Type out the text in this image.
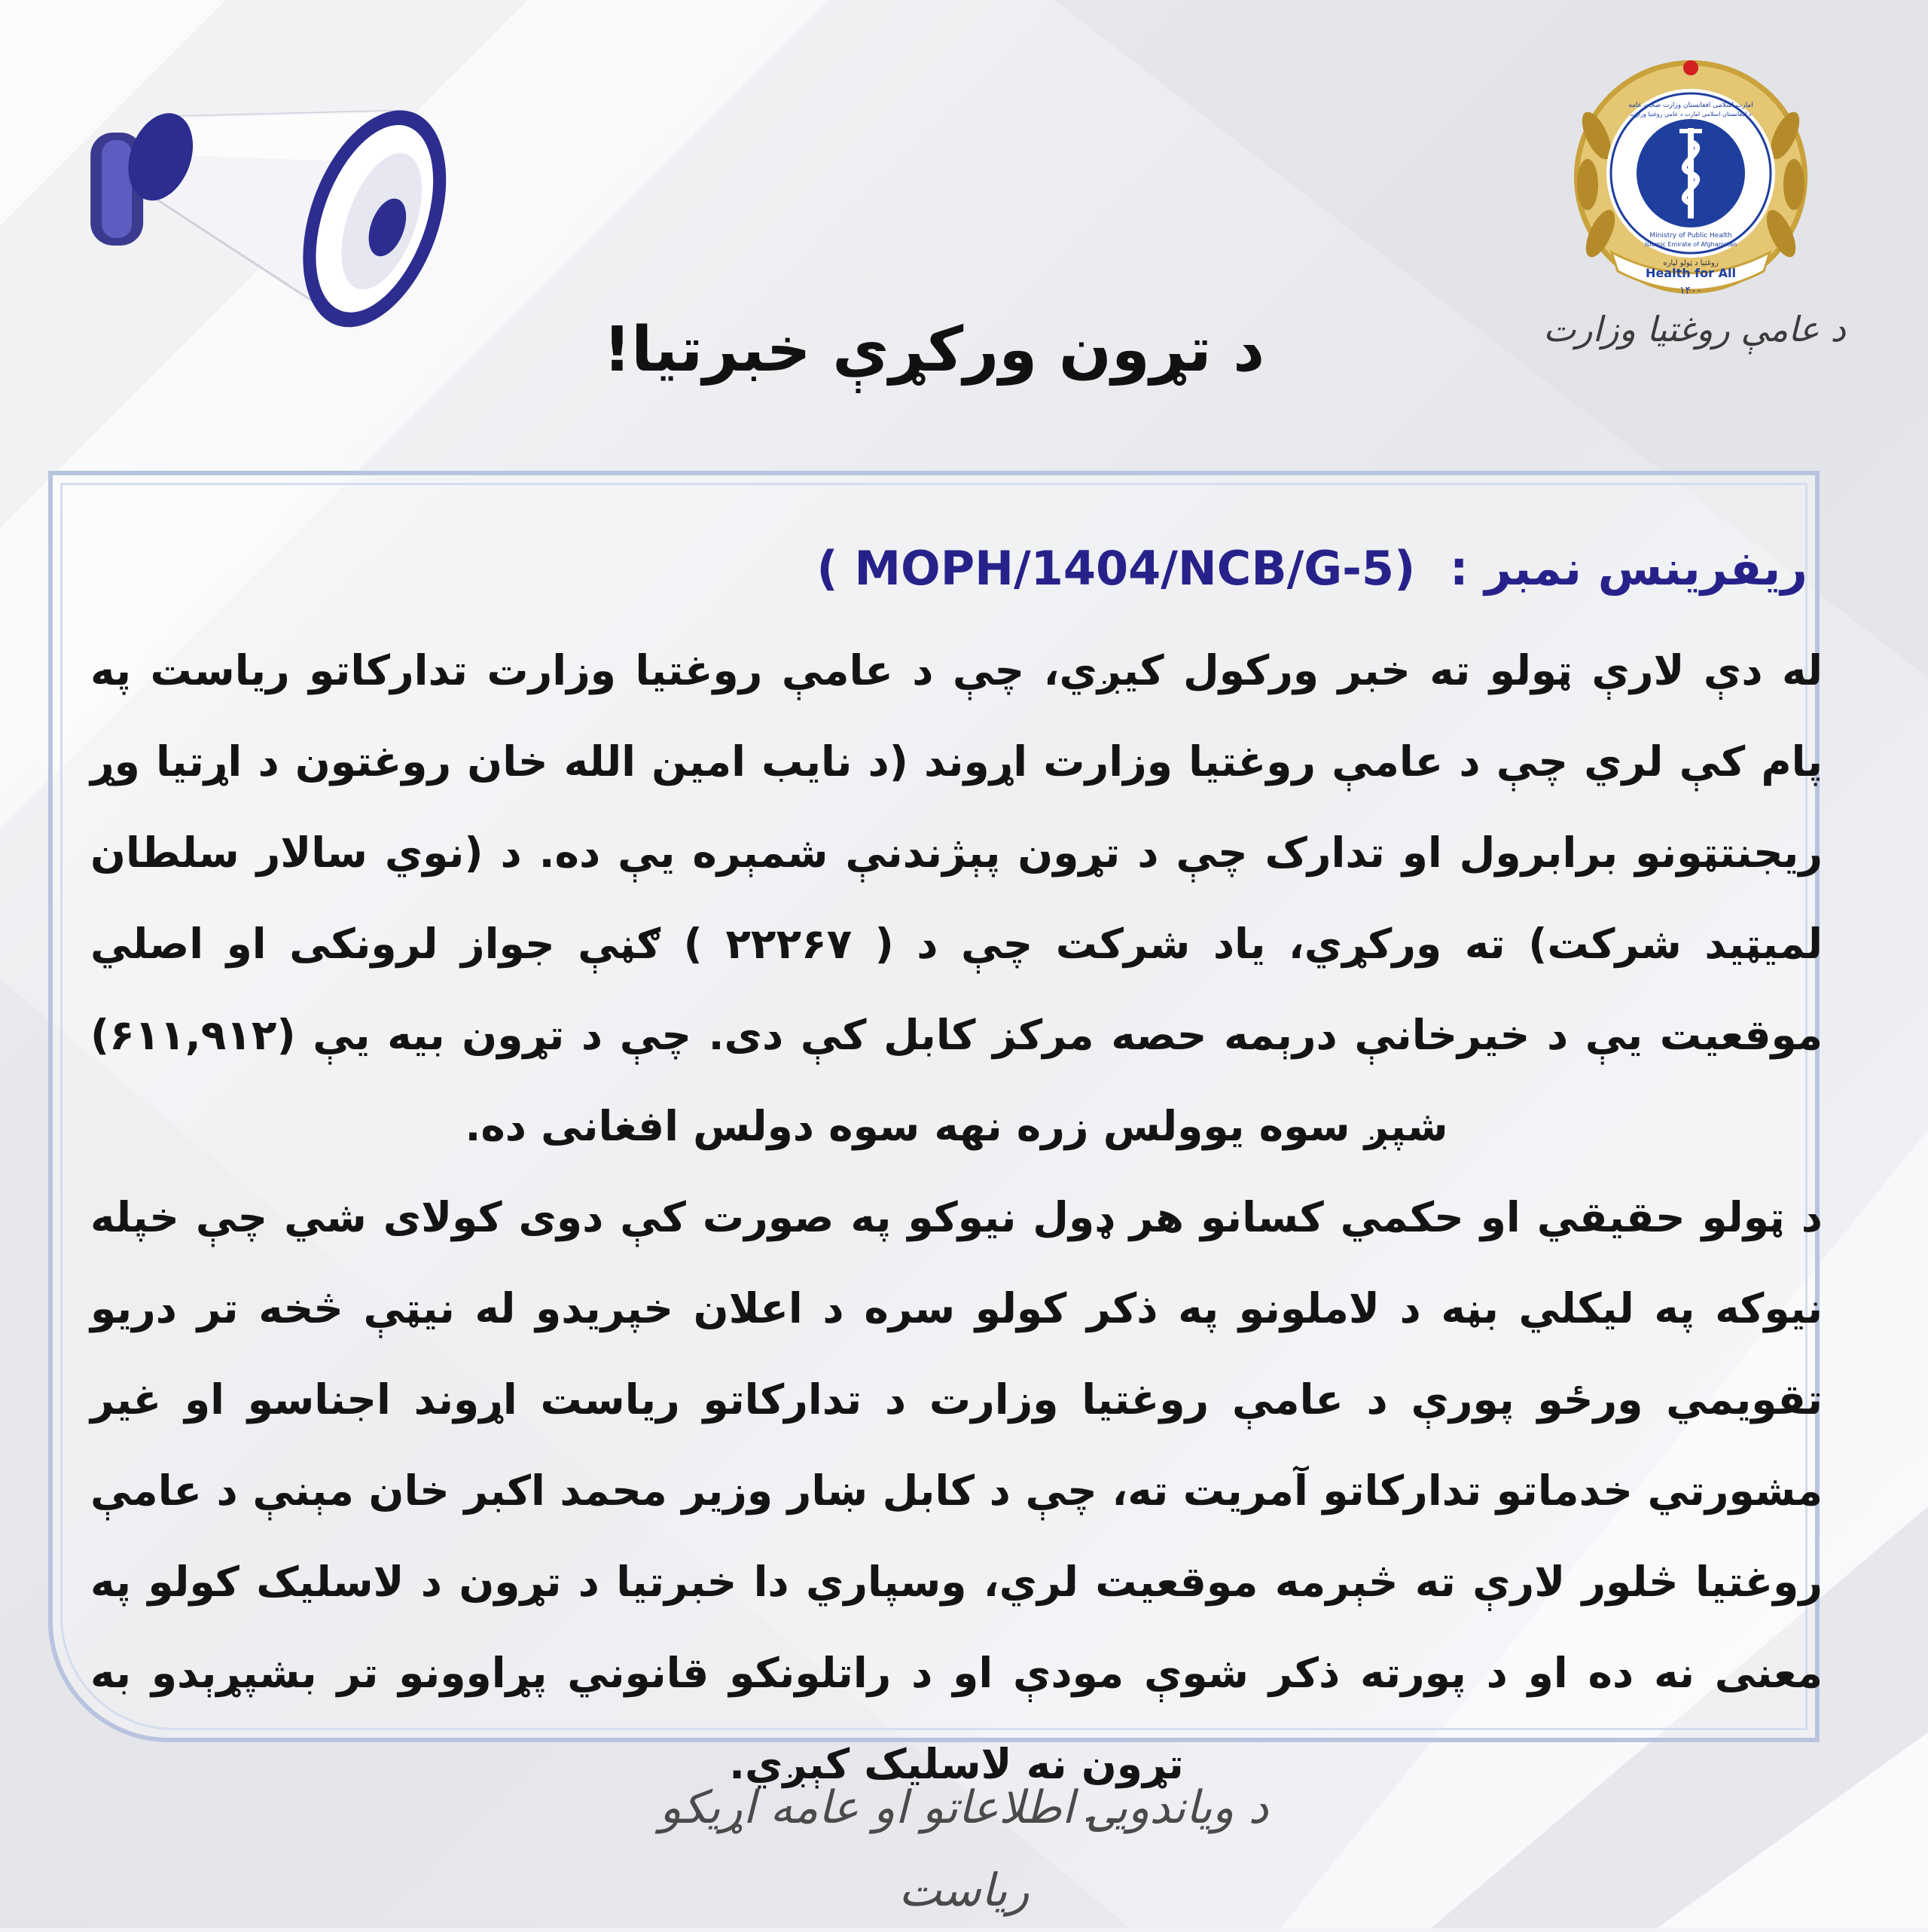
Health for All
۱۴۰۰
روغتیا د ټولو لپاره
Ministry of Public Health
Islamic Emirate of Afghanistan
امارت اسلامی افغانستان وزارت صحت عامه
د افغانستان اسلامي امارت د عامې روغتیا وزارت
د عامې روغتيا وزارت
د تړون ورکړې خبرتیا!
ریفرینس نمبر : ( MOPH/1404/NCB/G-5)

له دې لارې ټولو ته خبر ورکول کیږي، چې د عامې روغتیا وزارت تدارکاتو ریاست په پام کې لري چې د عامې روغتیا وزارت اړوند (د نایب امین الله خان روغتون د اړتیا وړ ریجنتټونو برابرول او تدارک چې د تړون پېژندنې شمېره یې ده. د (نوي سالار سلطان لمیټید شرکت) ته ورکړي، یاد شرکت چې د ( ۲۲۲۶۷ ) ګڼې جواز لرونکی او اصلي موقعیت یې د خیرخانې درېمه حصه مرکز کابل کې دی. چې د تړون بیه یې (۶۱۱,۹۱۲) شپږ سوه یوولس زره نهه سوه دولس افغانی ده.

د ټولو حقیقي او حکمي کسانو هر ډول نیوکو په صورت کې دوی کولای شي چې خپله نیوکه په لیکلي بڼه د لاملونو په ذکر کولو سره د اعلان خپریدو له نیټې څخه تر دریو تقویمي ورځو پورې د عامې روغتیا وزارت د تدارکاتو ریاست اړوند اجناسو او غیر مشورتي خدماتو تدارکاتو آمریت ته، چې د کابل ښار وزیر محمد اکبر خان مېنې د عامې روغتیا څلور لارې ته څېرمه موقعیت لري، وسپاري دا خبرتیا د تړون د لاسلیک کولو په معنی نه ده او د پورته ذکر شوې مودې او د راتلونکو قانوني پړاوونو تر بشپړېدو به تړون نه لاسلیک کېږي.

د ویاندویۍ اطلاعاتو او عامه اړیکو ریاست
